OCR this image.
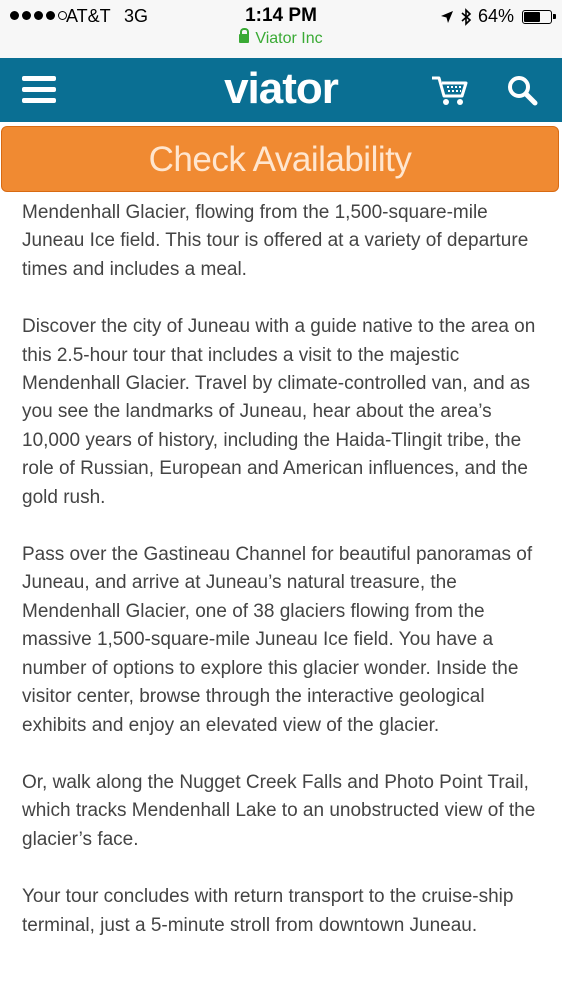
AT&T 3G	1:14 PM	64%
Viator Inc
viator
Check Availability

Mendenhall Glacier, flowing from the 1,500-square-mile Juneau Ice field. This tour is offered at a variety of departure times and includes a meal.

Discover the city of Juneau with a guide native to the area on this 2.5-hour tour that includes a visit to the majestic Mendenhall Glacier. Travel by climate-controlled van, and as you see the landmarks of Juneau, hear about the area’s 10,000 years of history, including the Haida-Tlingit tribe, the role of Russian, European and American influences, and the gold rush.

Pass over the Gastineau Channel for beautiful panoramas of Juneau, and arrive at Juneau’s natural treasure, the Mendenhall Glacier, one of 38 glaciers flowing from the massive 1,500-square-mile Juneau Ice field. You have a number of options to explore this glacier wonder. Inside the visitor center, browse through the interactive geological exhibits and enjoy an elevated view of the glacier.

Or, walk along the Nugget Creek Falls and Photo Point Trail, which tracks Mendenhall Lake to an unobstructed view of the glacier’s face.

Your tour concludes with return transport to the cruise-ship terminal, just a 5-minute stroll from downtown Juneau.
